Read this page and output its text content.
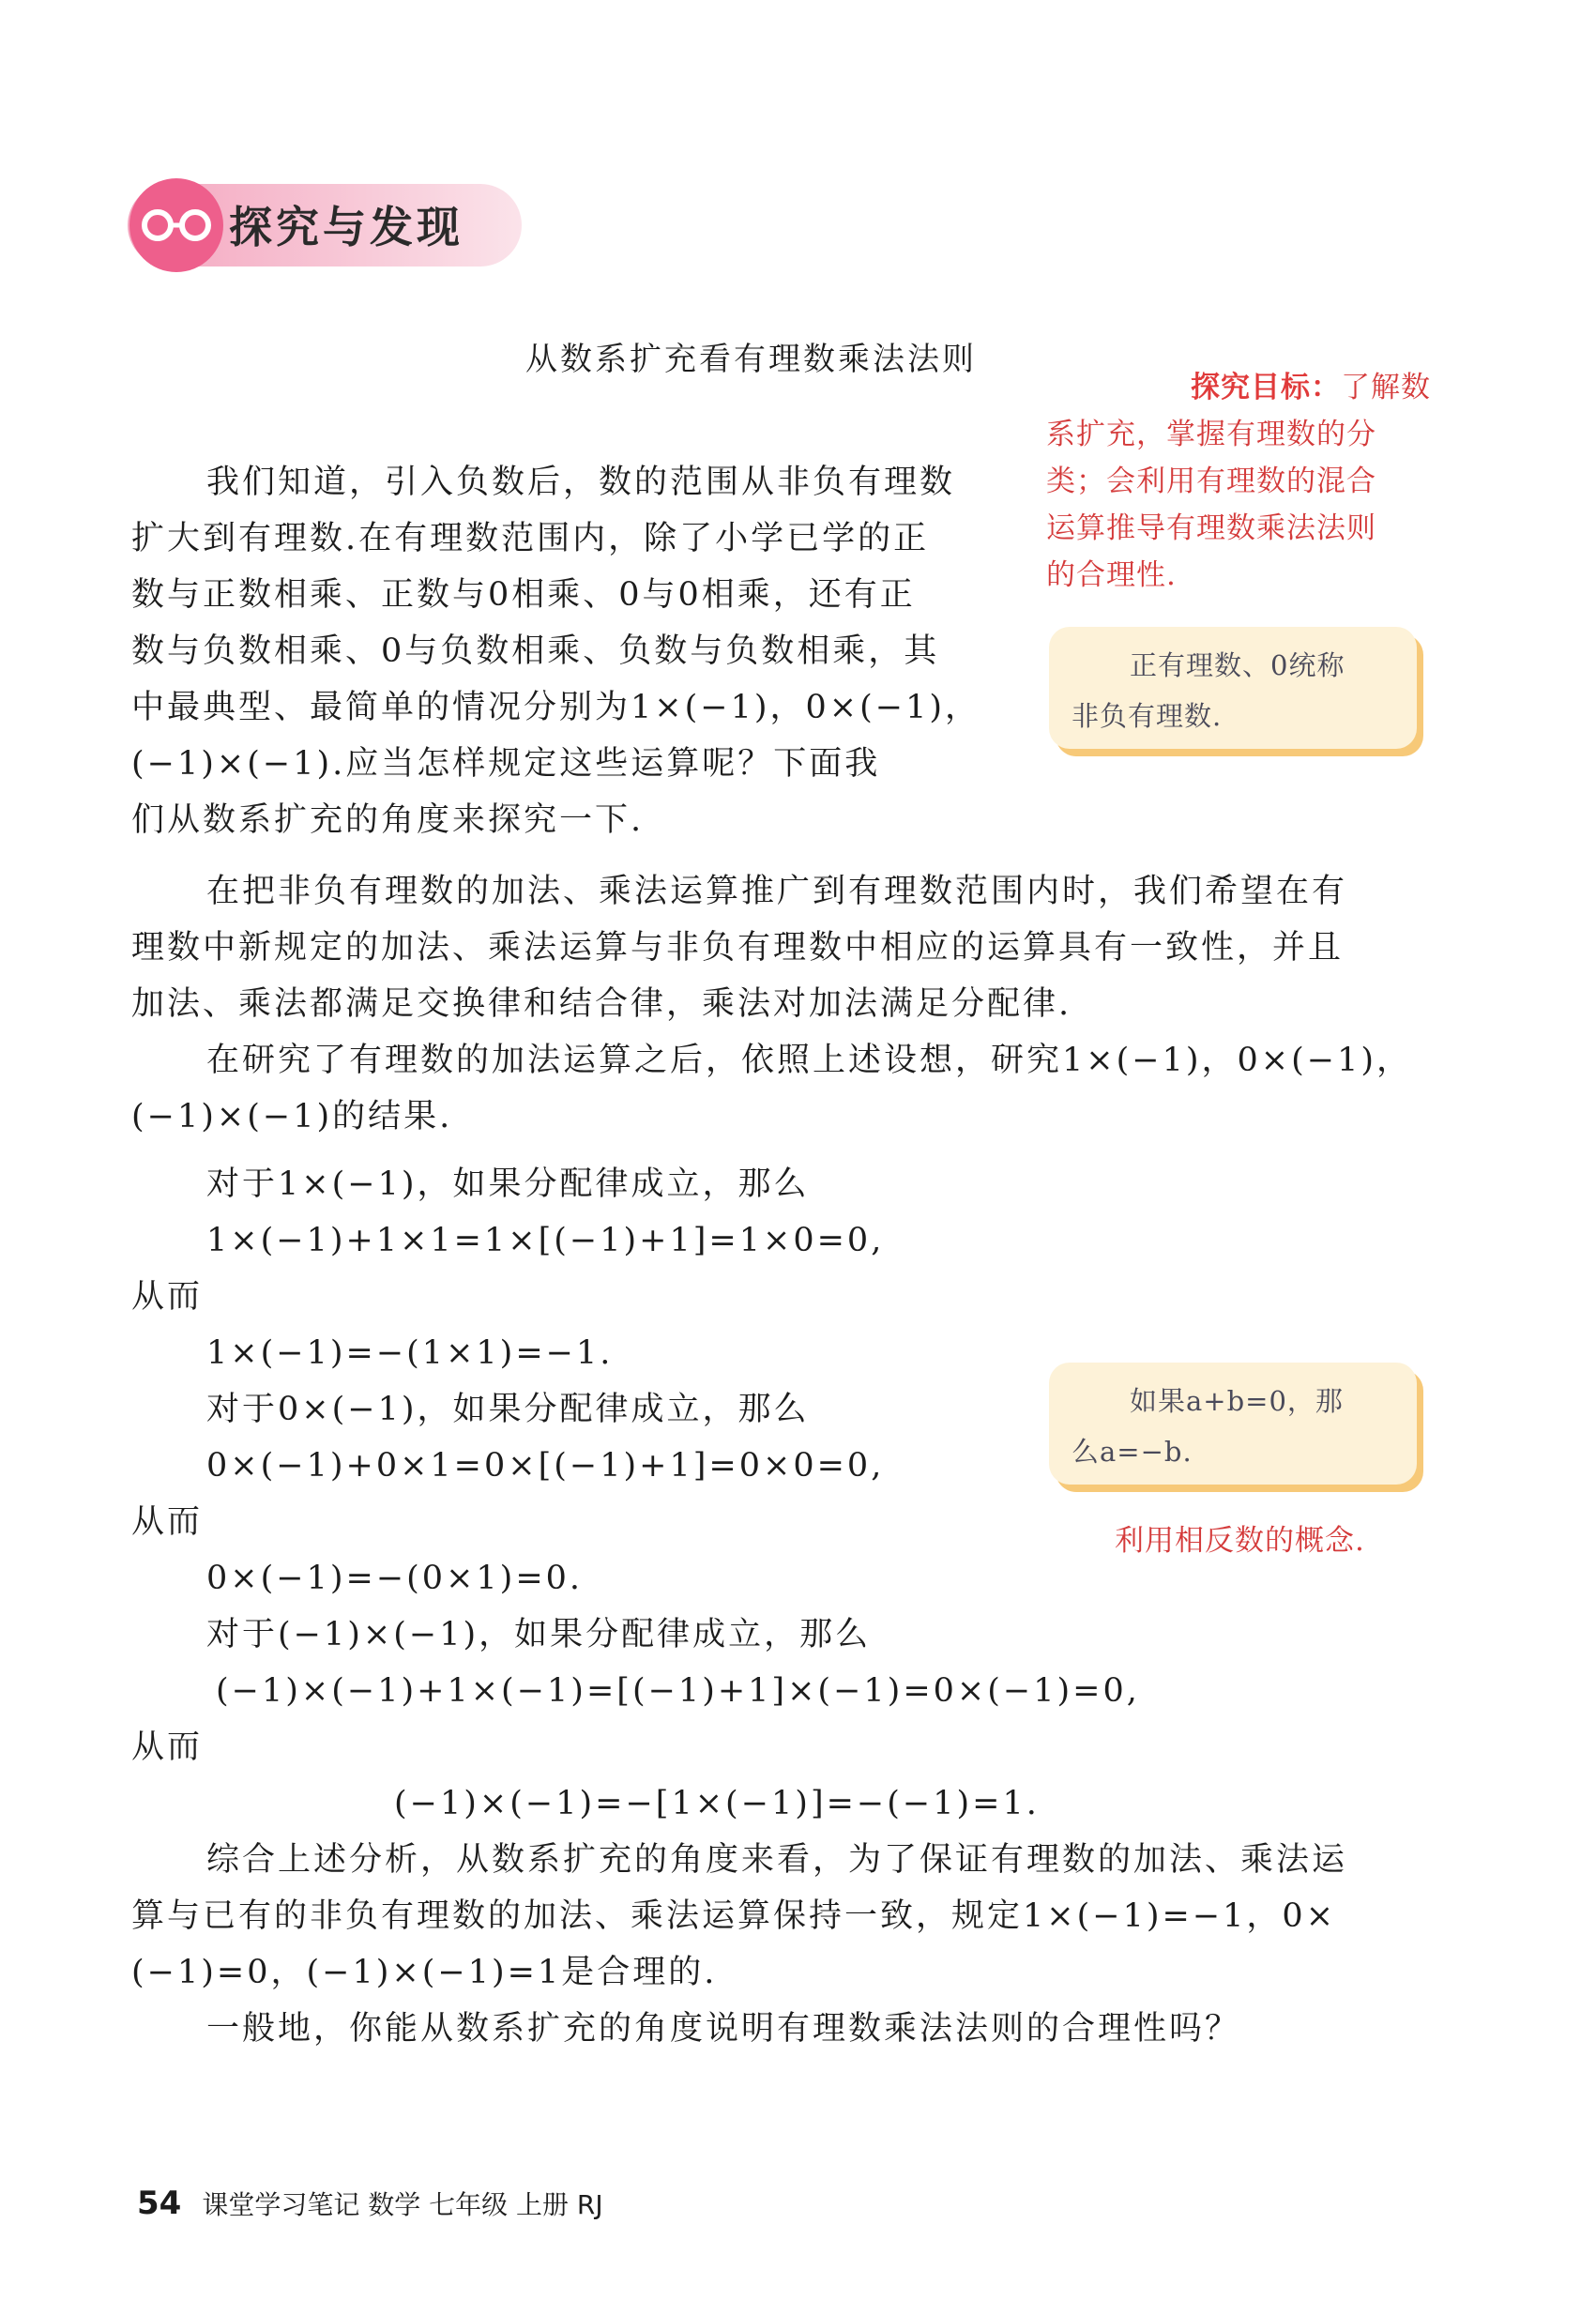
探究与发现
从数系扩充看有理数乘法法则
我们知道，引入负数后，数的范围从非负有理数
扩大到有理数.在有理数范围内，除了小学已学的正
数与正数相乘、正数与0相乘、0与0相乘，还有正
数与负数相乘、0与负数相乘、负数与负数相乘，其
中最典型、最简单的情况分别为1×(−1)，0×(−1)，
(−1)×(−1).应当怎样规定这些运算呢？下面我
们从数系扩充的角度来探究一下.
在把非负有理数的加法、乘法运算推广到有理数范围内时，我们希望在有
理数中新规定的加法、乘法运算与非负有理数中相应的运算具有一致性，并且
加法、乘法都满足交换律和结合律，乘法对加法满足分配律.
在研究了有理数的加法运算之后，依照上述设想，研究1×(−1)，0×(−1)，
(−1)×(−1)的结果.
对于1×(−1)，如果分配律成立，那么
1×(−1)+1×1=1×[(−1)+1]=1×0=0,
从而
1×(−1)=−(1×1)=−1.
对于0×(−1)，如果分配律成立，那么
0×(−1)+0×1=0×[(−1)+1]=0×0=0,
从而
0×(−1)=−(0×1)=0.
对于(−1)×(−1)，如果分配律成立，那么
(−1)×(−1)+1×(−1)=[(−1)+1]×(−1)=0×(−1)=0,
从而
(−1)×(−1)=−[1×(−1)]=−(−1)=1.
综合上述分析，从数系扩充的角度来看，为了保证有理数的加法、乘法运
算与已有的非负有理数的加法、乘法运算保持一致，规定1×(−1)=−1，0×
(−1)=0，(−1)×(−1)=1是合理的.
一般地，你能从数系扩充的角度说明有理数乘法法则的合理性吗？
探究目标：了解数
系扩充，掌握有理数的分
类；会利用有理数的混合
运算推导有理数乘法法则
的合理性.
正有理数、0统称
非负有理数.
如果a+b=0，那
么a=−b.
利用相反数的概念.
54 课堂学习笔记 数学 七年级 上册 RJ
